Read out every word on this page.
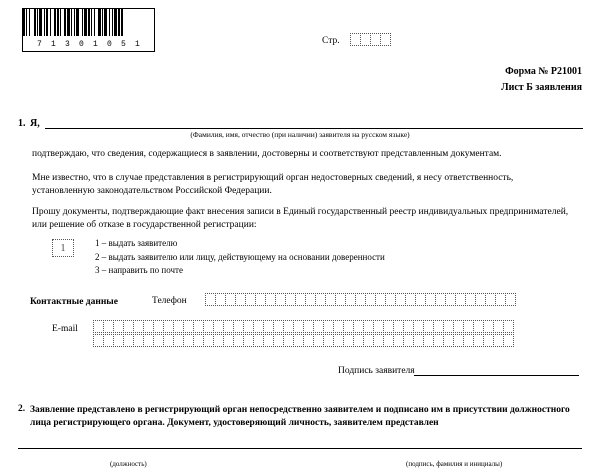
7 1 3 0 1 0 5 1	Стр.
Форма № Р21001
Лист Б заявления
1. Я,
(Фамилия, имя, отчество (при наличии) заявителя на русском языке)
подтверждаю, что сведения, содержащиеся в заявлении, достоверны и соответствуют представленным документам.
Мне известно, что в случае представления в регистрирующий орган недостоверных сведений, я несу ответственность, установленную законодательством Российской Федерации.
Прошу документы, подтверждающие факт внесения записи в Единый государственный реестр индивидуальных предпринимателей, или решение об отказе в государственной регистрации:
1	1 – выдать заявителю
2 – выдать заявителю или лицу, действующему на основании доверенности
3 – направить по почте
Контактные данные	Телефон
E-mail
Подпись заявителя
2. Заявление представлено в регистрирующий орган непосредственно заявителем и подписано им в присутствии должностного лица регистрирующего органа. Документ, удостоверяющий личность, заявителем представлен
(должность)	(подпись, фамилия и инициалы)
